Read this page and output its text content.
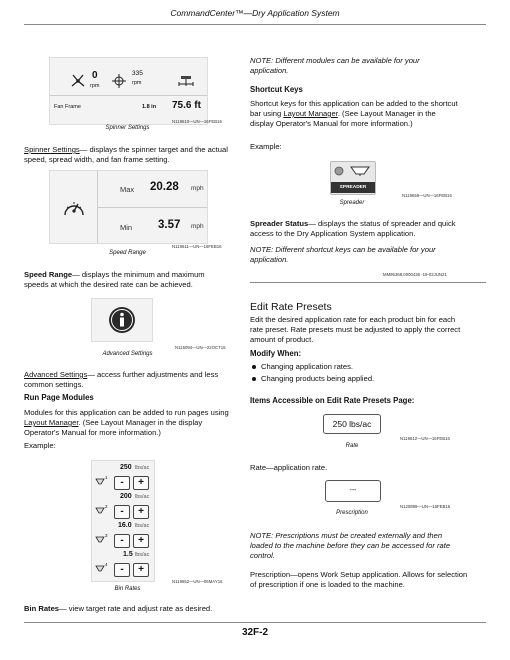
CommandCenter™—Dry Application System
0
rpm
335
rpm
Fan Frame	1.8 in 75.6 ft
N119610—UN—16FEB16
Spinner Settings
Spinner Settings— displays the spinner target and the actual speed, spread width, and fan frame setting.
Max 20.28 mph
Min 3.57 mph
N119611—UN—16FEB16
Speed Range
Speed Range— displays the minimum and maximum speeds at which the desired rate can be achieved.
N115094—UN—22OCT15
Advanced Settings
Advanced Settings— access further adjustments and less common settings.
Run Page Modules
Modules for this application can be added to run pages using Layout Manager. (See Layout Manager in the display Operator's Manual for more information.)
Example:
250 lbs/ac
1	-	+
200 lbs/ac
2	-	+
16.0 lbs/ac
3	-	+
1.5 lbs/ac
4	-	+
N119652—UN—06MAY16
Bin Rates
Bin Rates— view target rate and adjust rate as desired.
NOTE: Different modules can be available for your application.
Shortcut Keys
Shortcut keys for this application can be added to the shortcut bar using Layout Manager. (See Layout Manager in the display Operator's Manual for more information.)
Example:
SPREADER
N119659—UN—16FEB16
Spreader
Spreader Status— displays the status of spreader and quick access to the Dry Application System application.
NOTE: Different shortcut keys can be available for your application.
MM95368,0000436 -19-02JUN21
Edit Rate Presets
Edit the desired application rate for each product bin for each rate preset. Rate presets must be adjusted to apply the correct amount of product.
Modify When:
Changing application rates.
Changing products being applied.
Items Accessible on Edit Rate Presets Page:
250 lbs/ac
N119612—UN—16FEB16
Rate
Rate—application rate.
---
N120899—UN—16FEB16
Prescription
NOTE: Prescriptions must be created externally and then loaded to the machine before they can be accessed for rate control.
Prescription—opens Work Setup application. Allows for selection of prescription if one is loaded to the machine.
32F-2
